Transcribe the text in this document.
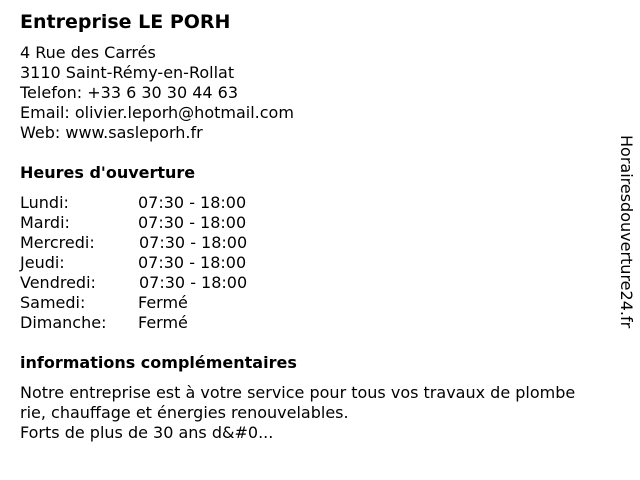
Entreprise LE PORH
4 Rue des Carrés
3110 Saint-Rémy-en-Rollat
Telefon: +33 6 30 30 44 63
Email: olivier.leporh@hotmail.com
Web: www.sasleporh.fr
Heures d'ouverture
Lundi:	07:30 - 18:00
Mardi:	07:30 - 18:00
Mercredi:	07:30 - 18:00
Jeudi:	07:30 - 18:00
Vendredi:	07:30 - 18:00
Samedi:	Fermé
Dimanche:	Fermé
informations complémentaires
Notre entreprise est à votre service pour tous vos travaux de plombe
rie, chauffage et énergies renouvelables.
Forts de plus de 30 ans d&#0...
Horairesdouverture24.fr
